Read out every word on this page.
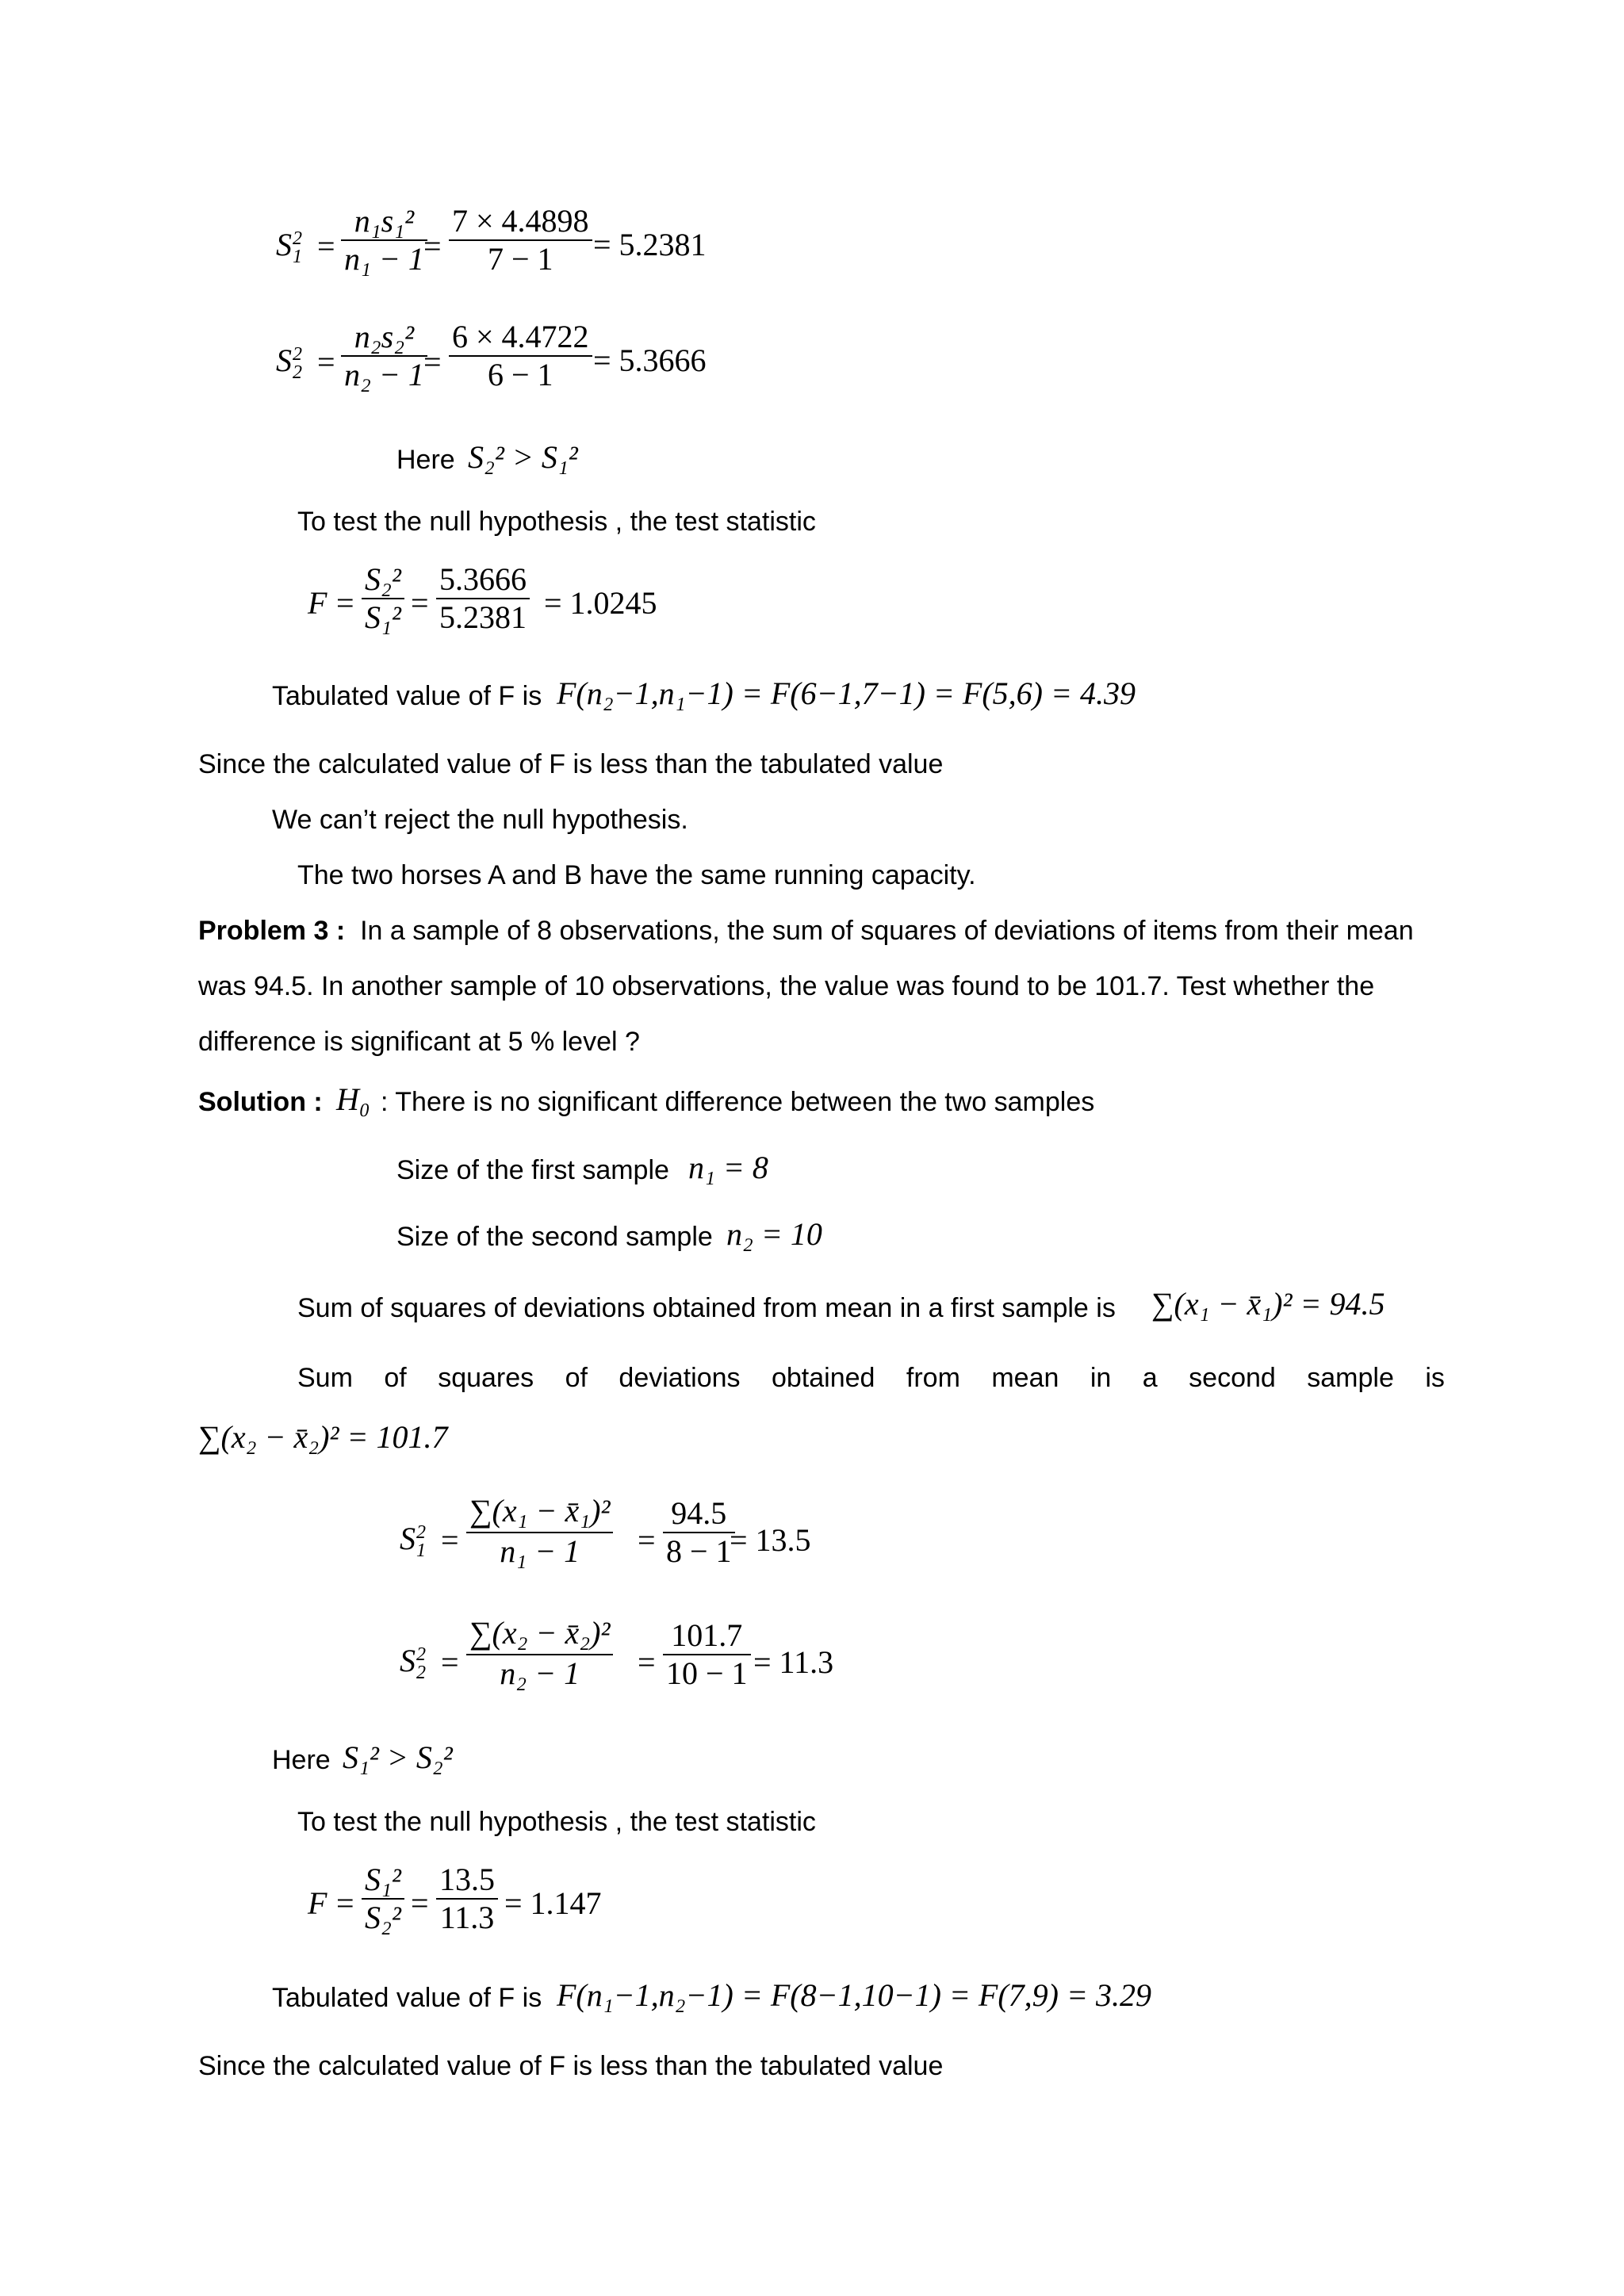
S 2
1 =
n₁s₁²
n₁ − 1 =
7 × 4.4898
7 − 1 = 5.2381
S 2
2 =
n₂s₂²
n₂ − 1 =
6 × 4.4722
6 − 1 = 5.3666
Here S₂² > S₁²
To test the null hypothesis , the test statistic
F =
S₂²
S₁² =
5.3666
5.2381 = 1.0245
Tabulated value of F is F(n₂−1,n₁−1) = F(6−1,7−1) = F(5,6) = 4.39
Since the calculated value of F is less than the tabulated value
We can’t reject the null hypothesis.
The two horses A and B have the same running capacity.
Problem 3 : In a sample of 8 observations, the sum of squares of deviations of items from their mean
was 94.5. In another sample of 10 observations, the value was found to be 101.7. Test whether the
difference is significant at 5 % level ?
Solution : H₀ : There is no significant difference between the two samples
Size of the first sample n₁ = 8
Size of the second sample n₂ = 10
Sum of squares of deviations obtained from mean in a first sample is ∑(x₁ − x̄₁)² = 94.5
Sum of squares of deviations obtained from mean in a second sample is
∑(x₂ − x̄₂)² = 101.7
S 2
1 =
∑(x₁ − x̄₁)²
n₁ − 1 =
94.5
8 − 1
= 13.5
S 2
2 =
∑(x₂ − x̄₂)²
n₂ − 1 =
101.7
10 − 1 = 11.3
Here S₁² > S₂²
To test the null hypothesis , the test statistic
F =
S₁²
S₂² =
13.5
11.3 = 1.147
Tabulated value of F is F(n₁−1,n₂−1) = F(8−1,10−1) = F(7,9) = 3.29
Since the calculated value of F is less than the tabulated value
